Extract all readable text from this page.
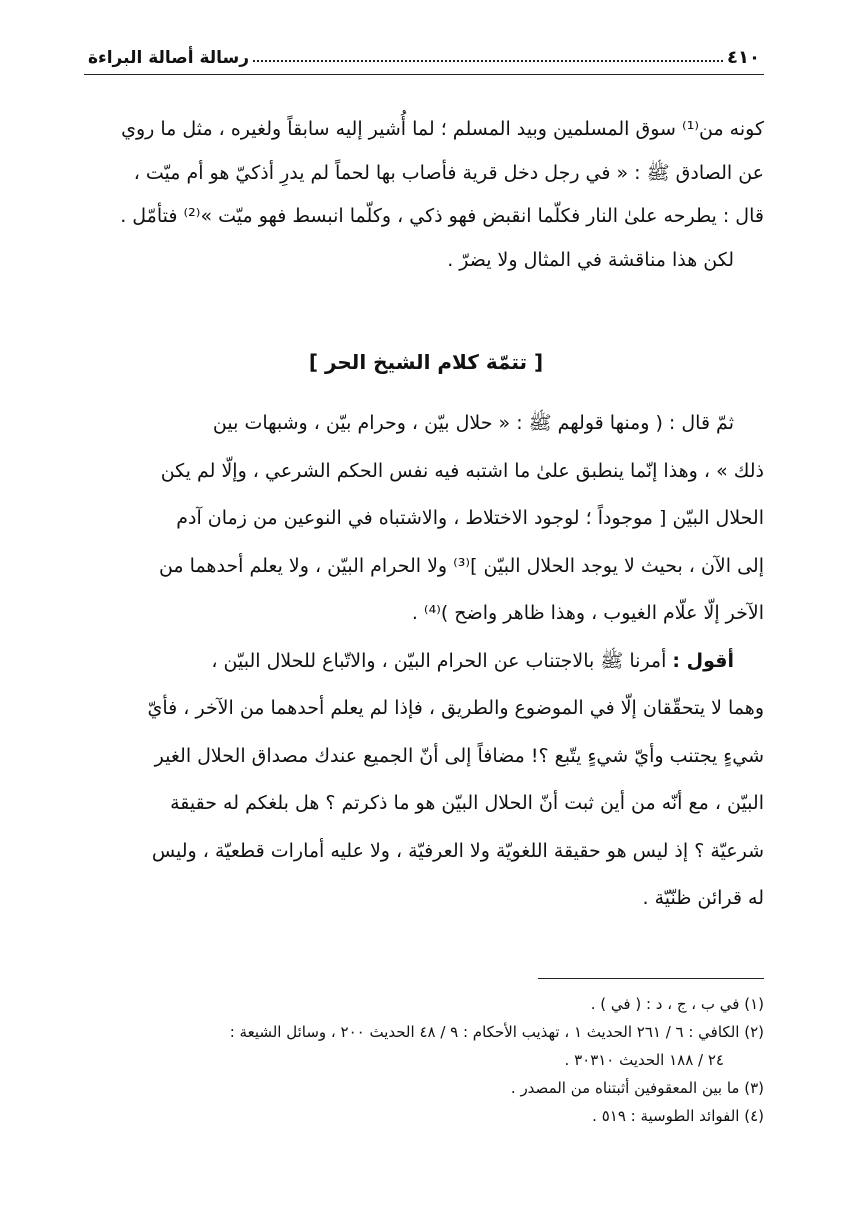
٤١٠
رسالة أصالة البراءة
كونه من⁽¹⁾ سوق المسلمين وبيد المسلم ؛ لما أُشير إليه سابقاً ولغيره ، مثل ما روي
عن الصادق ﷺ : « في رجل دخل قرية فأصاب بها لحماً لم يدرِ أذكيّ هو أم ميّت ،
قال : يطرحه علىٰ النار فكلّما انقبض فهو ذكي ، وكلّما انبسط فهو ميّت »⁽²⁾ فتأمّل .
لكن هذا مناقشة في المثال ولا يضرّ .
[ تتمّة كلام الشيخ الحر ]
ثمّ قال : ( ومنها قولهم ﷺ : « حلال بيّن ، وحرام بيّن ، وشبهات بين
ذلك » ، وهذا إنّما ينطبق علىٰ ما اشتبه فيه نفس الحكم الشرعي ، وإلّا لم يكن
الحلال البيّن [ موجوداً ؛ لوجود الاختلاط ، والاشتباه في النوعين من زمان آدم
إلى الآن ، بحيث لا يوجد الحلال البيّن ]⁽³⁾ ولا الحرام البيّن ، ولا يعلم أحدهما من
الآخر إلّا علّام الغيوب ، وهذا ظاهر واضح )⁽⁴⁾ .
أقول : أمرنا ﷺ بالاجتناب عن الحرام البيّن ، والاتّباع للحلال البيّن ،
وهما لا يتحقّقان إلّا في الموضوع والطريق ، فإذا لم يعلم أحدهما من الآخر ، فأيّ
شيءٍ يجتنب وأيّ شيءٍ يتّبع ؟! مضافاً إلى أنّ الجميع عندك مصداق الحلال الغير
البيّن ، مع أنّه من أين ثبت أنّ الحلال البيّن هو ما ذكرتم ؟ هل بلغكم له حقيقة
شرعيّة ؟ إذ ليس هو حقيقة اللغويّة ولا العرفيّة ، ولا عليه أمارات قطعيّة ، وليس
له قرائن ظنّيّة .
(١) في ب ، ج ، د : ( في ) .
(٢) الكافي : ٦ / ٢٦١ الحديث ١ ، تهذيب الأحكام : ٩ / ٤٨ الحديث ٢٠٠ ، وسائل الشيعة :
٢٤ / ١٨٨ الحديث ٣٠٣١٠ .
(٣) ما بين المعقوفين أثبتناه من المصدر .
(٤) الفوائد الطوسية : ٥١٩ .
